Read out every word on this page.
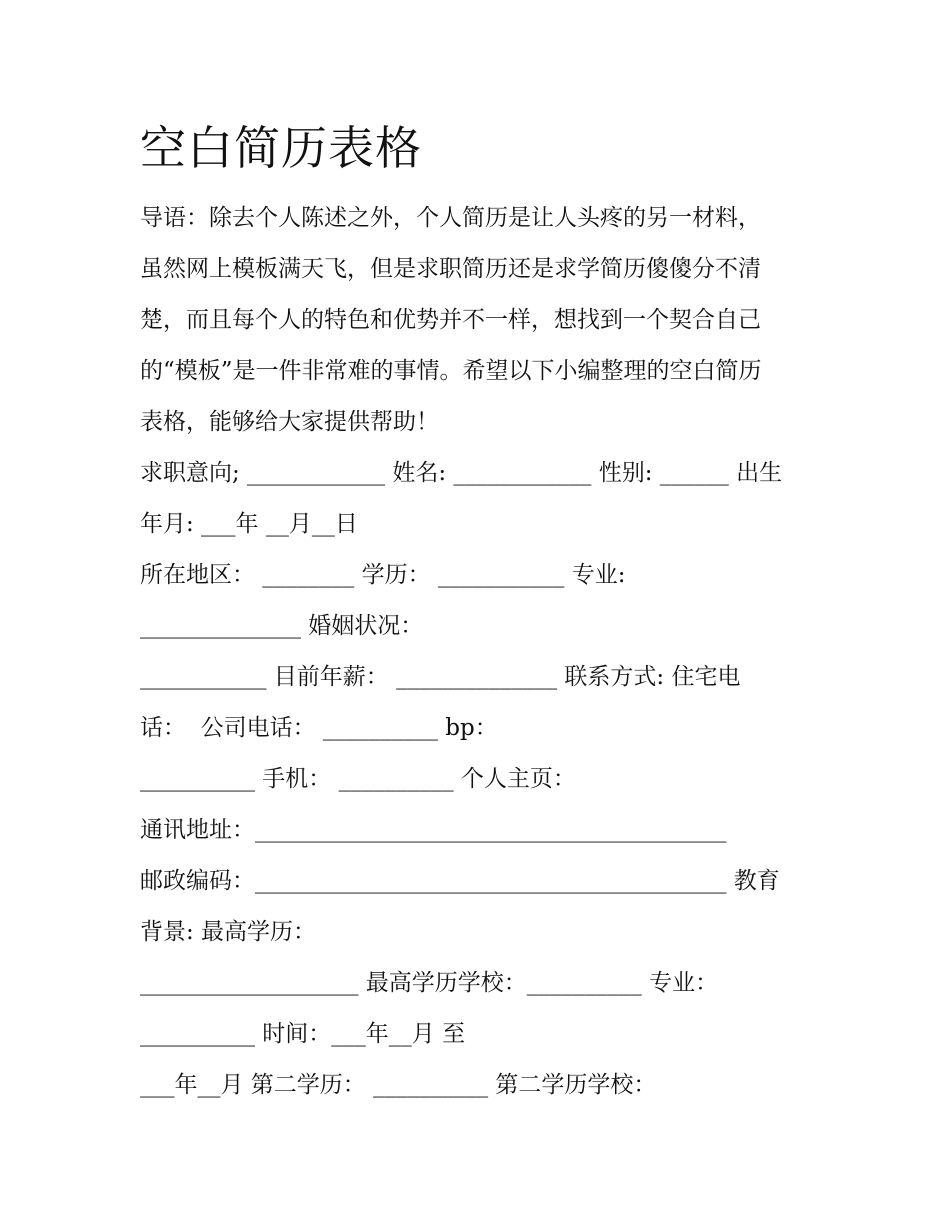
空白简历表格
导语：除去个人陈述之外，个人简历是让人头疼的另一材料，
虽然网上模板满天飞，但是求职简历还是求学简历傻傻分不清
楚，而且每个人的特色和优势并不一样，想找到一个契合自己
的“模板”是一件非常难的事情。希望以下小编整理的空白简历
表格，能够给大家提供帮助！
求职意向; ____________ 姓名: ____________ 性别: ______ 出生
年月: ___年 __月__日
所在地区： ________ 学历： ___________ 专业:
______________ 婚姻状况：
___________ 目前年薪： ______________ 联系方式: 住宅电
话：  公司电话： __________ bp：
__________ 手机： __________ 个人主页：
通讯地址：_________________________________________
邮政编码：_________________________________________ 教育
背景: 最高学历：
___________________ 最高学历学校：__________ 专业：
__________ 时间：___年__月 至
___年__月 第二学历： __________ 第二学历学校：
